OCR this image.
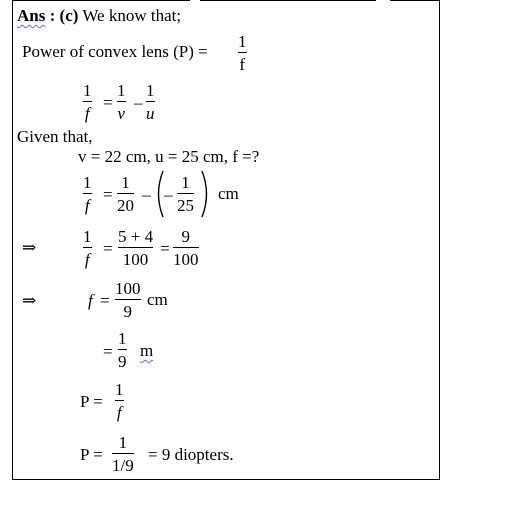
Ans : (c) We know that;
Power of convex lens (P) =
1
f
1
f
=
1
v
–
1
u
Given that,
v = 22 cm, u = 25 cm, f =?
1
f
=
1
20
– –
1
25
cm
⇒
1
f
=
5 + 4
100
=
9
100
⇒	f =
100
9
cm
=
1
9
m
P =
1
f
P =
1
1/9
= 9 diopters.
